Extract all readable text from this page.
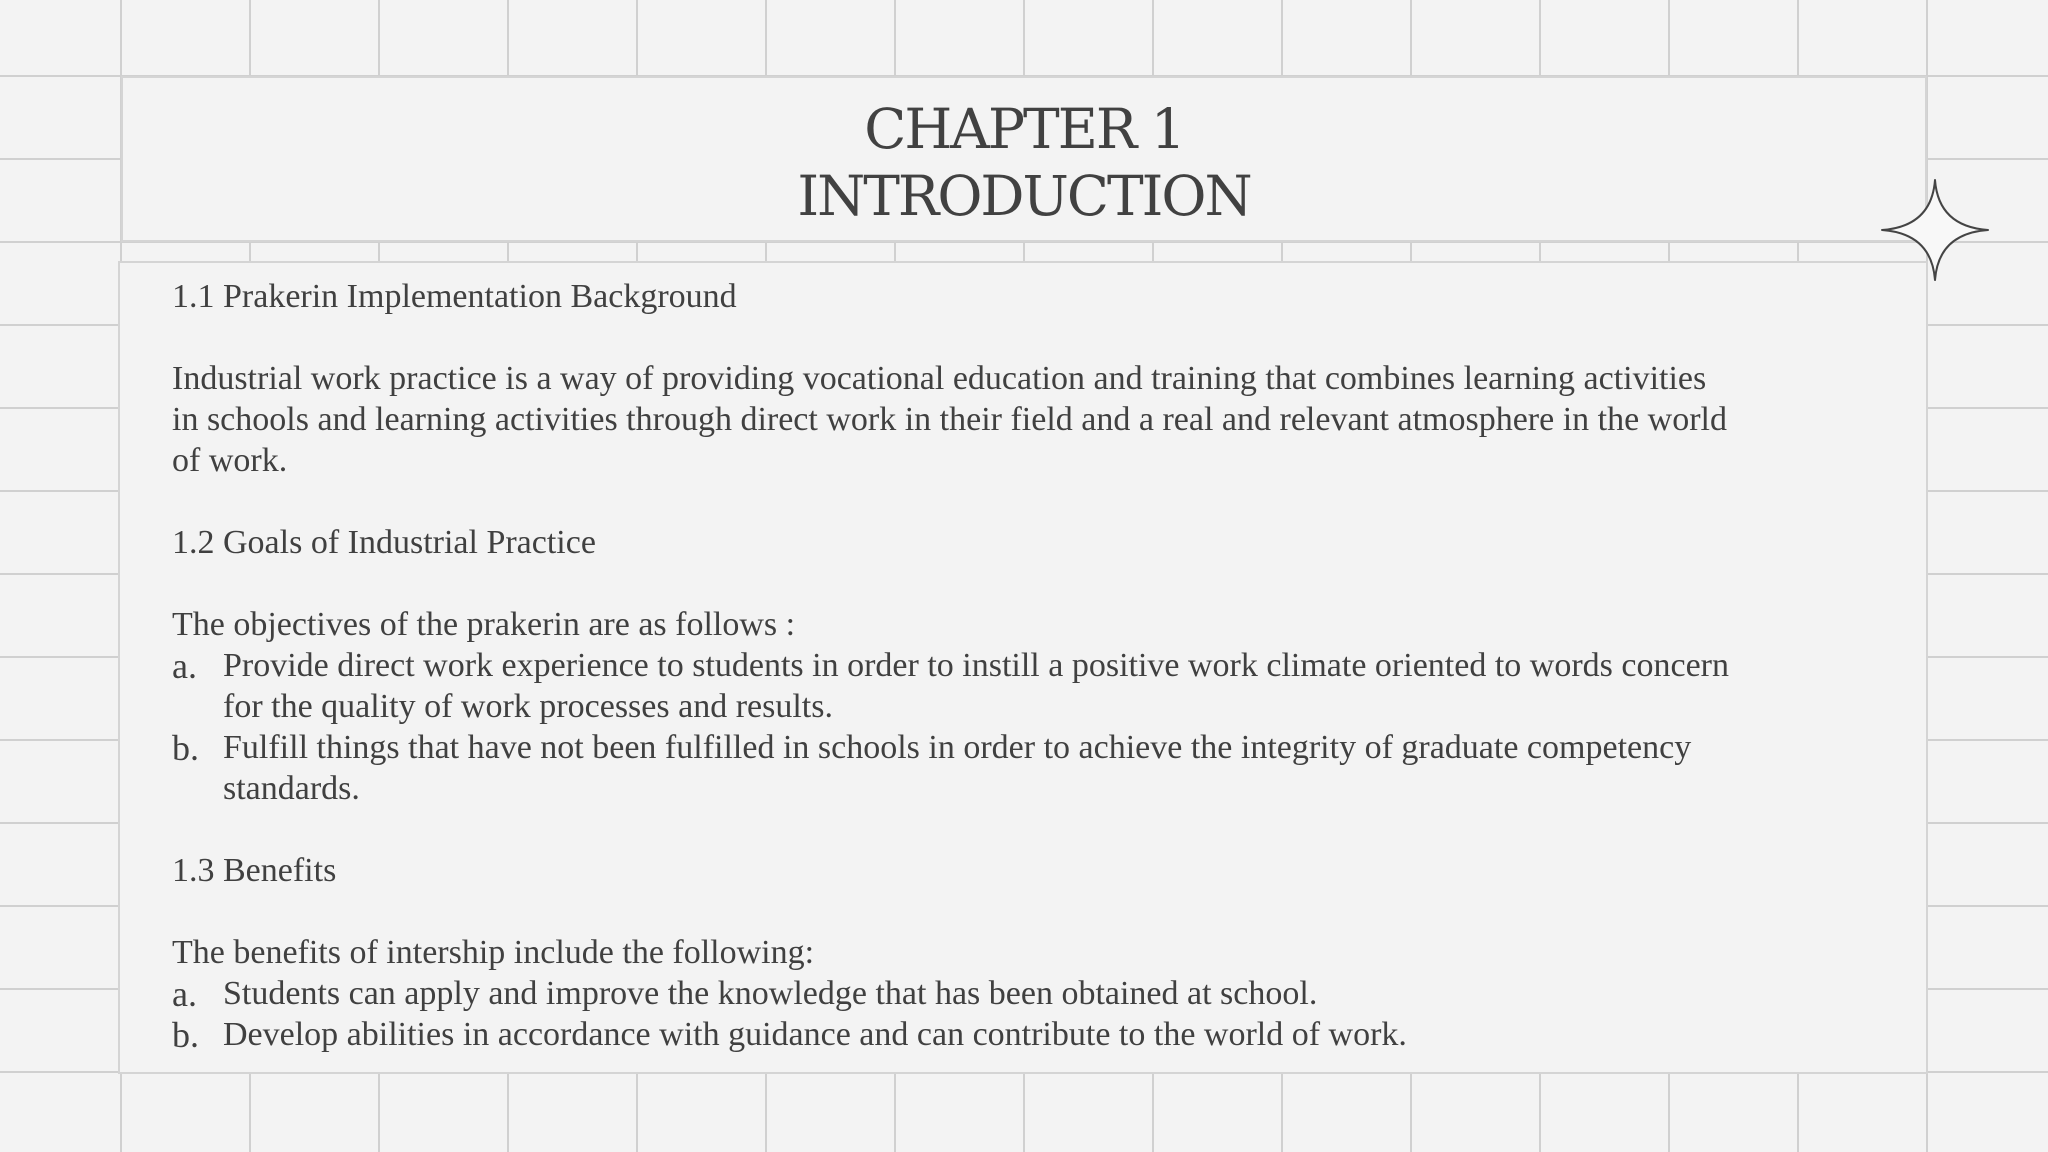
CHAPTER 1
INTRODUCTION
1.1 Prakerin Implementation Background
Industrial work practice is a way of providing vocational education and training that combines learning activities
in schools and learning activities through direct work in their field and a real and relevant atmosphere in the world
of work.
1.2 Goals of Industrial Practice
The objectives of the prakerin are as follows :
a. Provide direct work experience to students in order to instill a positive work climate oriented to words concern
for the quality of work processes and results.
b. Fulfill things that have not been fulfilled in schools in order to achieve the integrity of graduate competency
standards.
1.3 Benefits
The benefits of intership include the following:
a. Students can apply and improve the knowledge that has been obtained at school.
b. Develop abilities in accordance with guidance and can contribute to the world of work.
